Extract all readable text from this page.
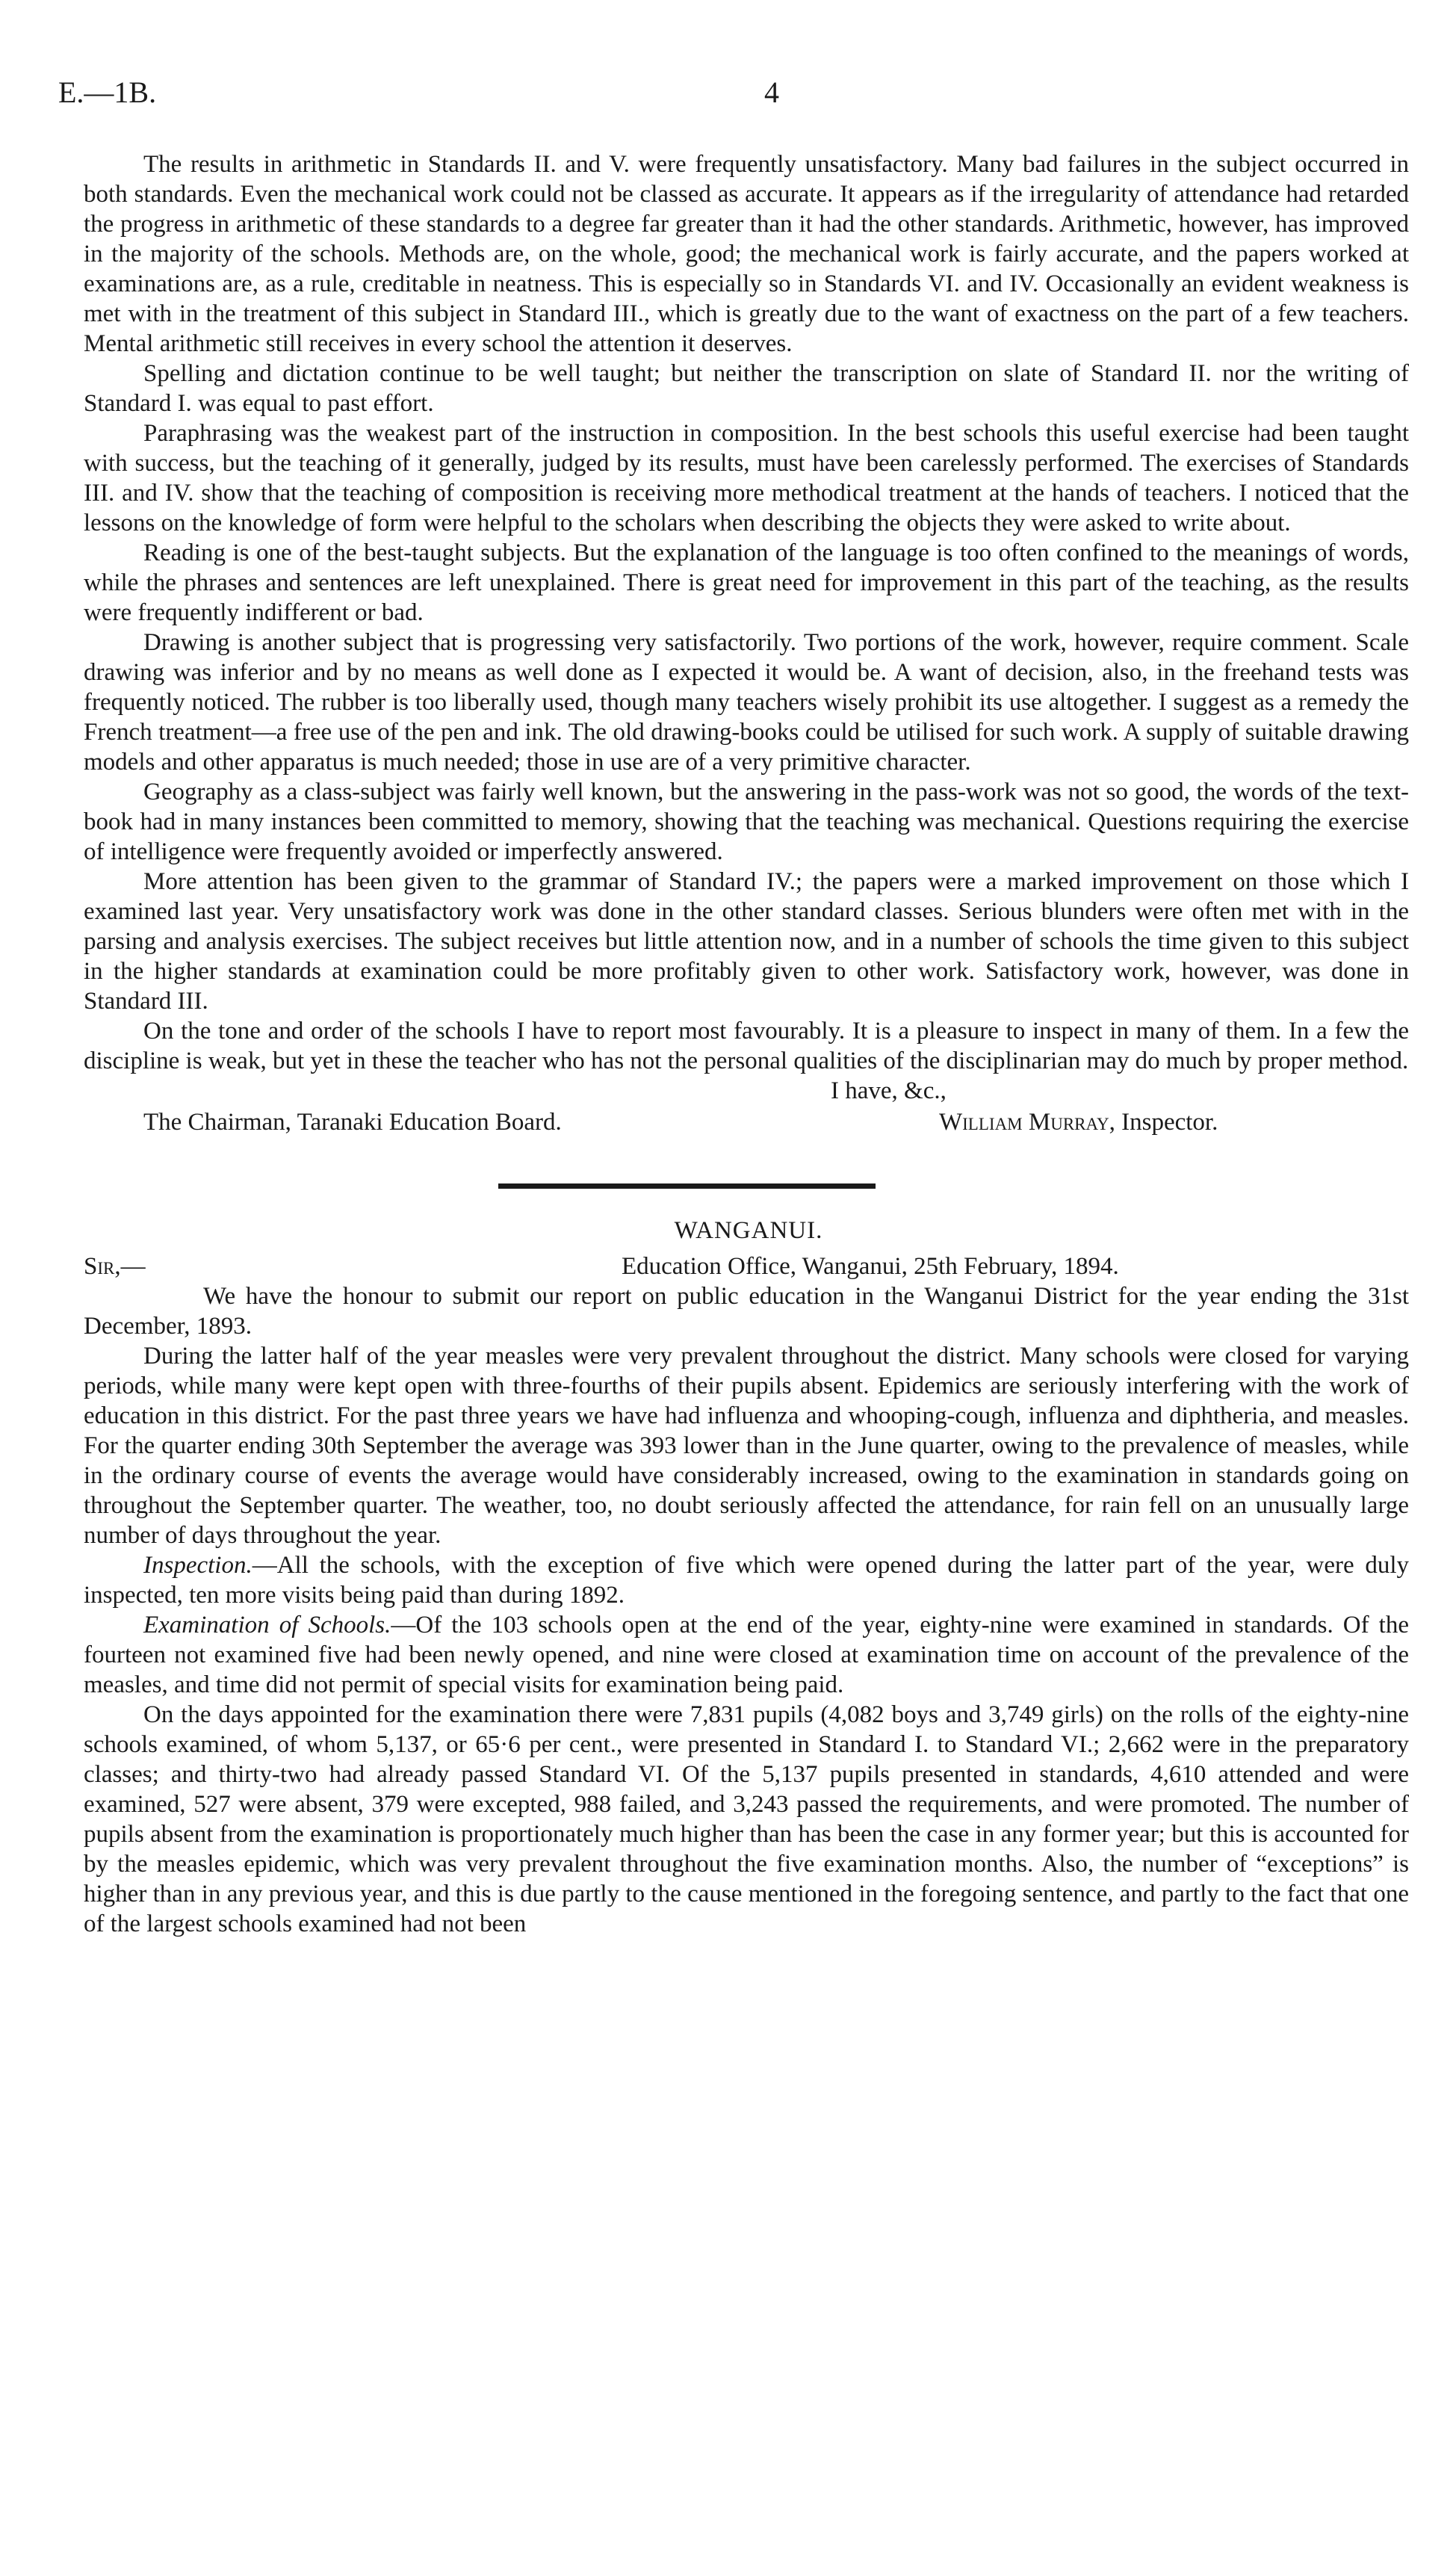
E.—1B.	4

The results in arithmetic in Standards II. and V. were frequently unsatisfactory. Many bad failures in the subject occurred in both standards. Even the mechanical work could not be classed as accurate. It appears as if the irregularity of attendance had retarded the progress in arithmetic of these standards to a degree far greater than it had the other standards. Arithmetic, however, has improved in the majority of the schools. Methods are, on the whole, good; the mechanical work is fairly accurate, and the papers worked at examinations are, as a rule, creditable in neatness. This is especially so in Standards VI. and IV. Occasionally an evident weakness is met with in the treatment of this subject in Standard III., which is greatly due to the want of exactness on the part of a few teachers. Mental arithmetic still receives in every school the attention it deserves.

Spelling and dictation continue to be well taught; but neither the transcription on slate of Standard II. nor the writing of Standard I. was equal to past effort.

Paraphrasing was the weakest part of the instruction in composition. In the best schools this useful exercise had been taught with success, but the teaching of it generally, judged by its results, must have been carelessly performed. The exercises of Standards III. and IV. show that the teaching of composition is receiving more methodical treatment at the hands of teachers. I noticed that the lessons on the knowledge of form were helpful to the scholars when describing the objects they were asked to write about.

Reading is one of the best-taught subjects. But the explanation of the language is too often confined to the meanings of words, while the phrases and sentences are left unexplained. There is great need for improvement in this part of the teaching, as the results were frequently indifferent or bad.

Drawing is another subject that is progressing very satisfactorily. Two portions of the work, however, require comment. Scale drawing was inferior and by no means as well done as I expected it would be. A want of decision, also, in the freehand tests was frequently noticed. The rubber is too liberally used, though many teachers wisely prohibit its use altogether. I suggest as a remedy the French treatment—a free use of the pen and ink. The old drawing-books could be utilised for such work. A supply of suitable drawing models and other apparatus is much needed; those in use are of a very primitive character.

Geography as a class-subject was fairly well known, but the answering in the pass-work was not so good, the words of the text-book had in many instances been committed to memory, showing that the teaching was mechanical. Questions requiring the exercise of intelligence were frequently avoided or imperfectly answered.

More attention has been given to the grammar of Standard IV.; the papers were a marked improvement on those which I examined last year. Very unsatisfactory work was done in the other standard classes. Serious blunders were often met with in the parsing and analysis exercises. The subject receives but little attention now, and in a number of schools the time given to this subject in the higher standards at examination could be more profitably given to other work. Satisfactory work, however, was done in Standard III.

On the tone and order of the schools I have to report most favourably. It is a pleasure to inspect in many of them. In a few the discipline is weak, but yet in these the teacher who has not the personal qualities of the disciplinarian may do much by proper method.

I have, &c.,
The Chairman, Taranaki Education Board.	William Murray, Inspector.
WANGANUI.
Sir,—	Education Office, Wanganui, 25th February, 1894.

We have the honour to submit our report on public education in the Wanganui District for the year ending the 31st December, 1893.

During the latter half of the year measles were very prevalent throughout the district. Many schools were closed for varying periods, while many were kept open with three-fourths of their pupils absent. Epidemics are seriously interfering with the work of education in this district. For the past three years we have had influenza and whooping-cough, influenza and diphtheria, and measles. For the quarter ending 30th September the average was 393 lower than in the June quarter, owing to the prevalence of measles, while in the ordinary course of events the average would have considerably increased, owing to the examination in standards going on throughout the September quarter. The weather, too, no doubt seriously affected the attendance, for rain fell on an unusually large number of days throughout the year.

Inspection.—All the schools, with the exception of five which were opened during the latter part of the year, were duly inspected, ten more visits being paid than during 1892.

Examination of Schools.—Of the 103 schools open at the end of the year, eighty-nine were examined in standards. Of the fourteen not examined five had been newly opened, and nine were closed at examination time on account of the prevalence of the measles, and time did not permit of special visits for examination being paid.

On the days appointed for the examination there were 7,831 pupils (4,082 boys and 3,749 girls) on the rolls of the eighty-nine schools examined, of whom 5,137, or 65·6 per cent., were presented in Standard I. to Standard VI.; 2,662 were in the preparatory classes; and thirty-two had already passed Standard VI. Of the 5,137 pupils presented in standards, 4,610 attended and were examined, 527 were absent, 379 were excepted, 988 failed, and 3,243 passed the requirements, and were promoted. The number of pupils absent from the examination is proportionately much higher than has been the case in any former year; but this is accounted for by the measles epidemic, which was very prevalent throughout the five examination months. Also, the number of “exceptions” is higher than in any previous year, and this is due partly to the cause mentioned in the foregoing sentence, and partly to the fact that one of the largest schools examined had not been
